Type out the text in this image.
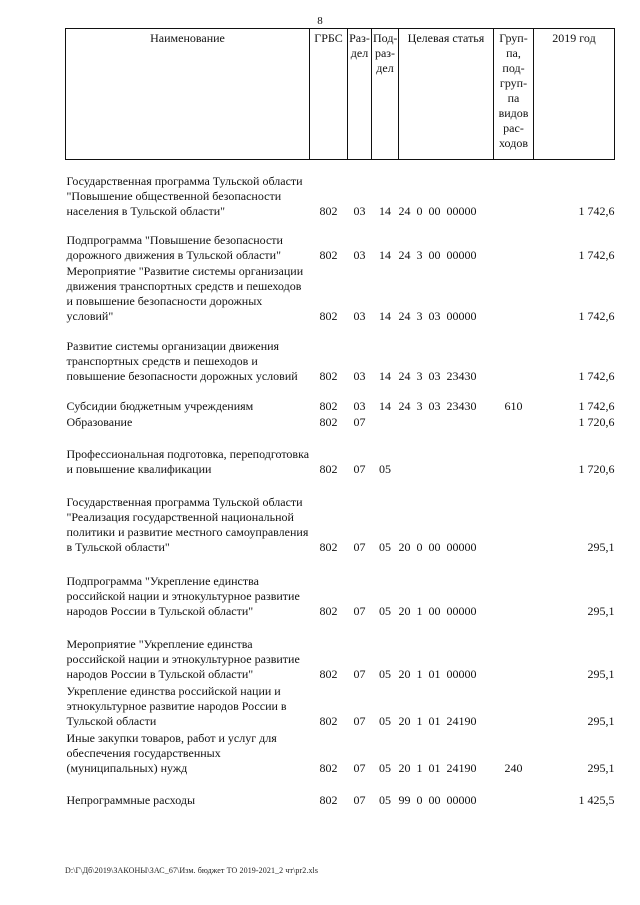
8
Наименование	ГРБС	Раз-дел	Под-раз-дел	Целевая статья	Груп-па, под-груп-па видов рас-ходов	2019 год
Государственная программа Тульской области "Повышение общественной безопасности населения в Тульской области"	802	03	14	24  0  00  00000		1 742,6
Подпрограмма "Повышение безопасности дорожного движения в Тульской области"	802	03	14	24  3  00  00000		1 742,6
Мероприятие "Развитие системы организации движения транспортных средств и пешеходов и повышение безопасности дорожных условий"	802	03	14	24  3  03  00000		1 742,6
Развитие системы организации движения транспортных средств и пешеходов и повышение безопасности дорожных условий	802	03	14	24  3  03  23430		1 742,6
Субсидии бюджетным учреждениям	802	03	14	24  3  03  23430	610	1 742,6
Образование	802	07				1 720,6
Профессиональная подготовка, переподготовка и повышение квалификации	802	07	05			1 720,6
Государственная программа Тульской области "Реализация государственной национальной политики и развитие местного самоуправления в Тульской области"	802	07	05	20  0  00  00000		295,1
Подпрограмма "Укрепление единства российской нации и этнокультурное развитие народов России в Тульской области"	802	07	05	20  1  00  00000		295,1
Мероприятие "Укрепление единства российской нации и этнокультурное развитие народов России в Тульской области"	802	07	05	20  1  01  00000		295,1
Укрепление единства российской нации и этнокультурное развитие народов России в Тульской области	802	07	05	20  1  01  24190		295,1
Иные закупки товаров, работ и услуг для обеспечения государственных (муниципальных) нужд	802	07	05	20  1  01  24190	240	295,1
Непрограммные расходы	802	07	05	99  0  00  00000		1 425,5
D:\Г\Дб\2019\ЗАКОНЫ\ЗАС_67\Изм. бюджет ТО 2019-2021_2 чт\pr2.xls
